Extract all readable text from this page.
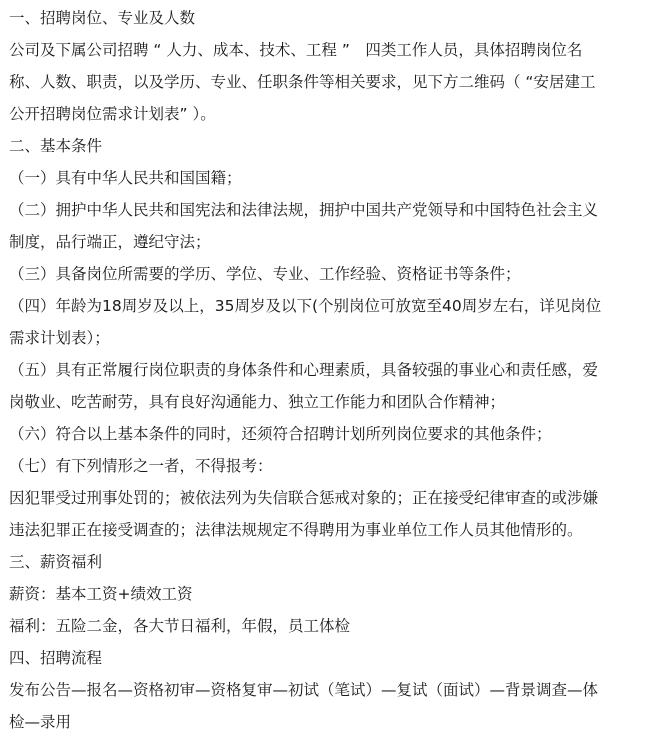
一、招聘岗位、专业及人数
公司及下属公司招聘 “ 人力、成本、技术、工程 ”　四类工作人员，具体招聘岗位名
称、人数、职责，以及学历、专业、任职条件等相关要求，见下方二维码（ “安居建工
公开招聘岗位需求计划表” ）。
二、基本条件
（一）具有中华人民共和国国籍；
（二）拥护中华人民共和国宪法和法律法规，拥护中国共产党领导和中国特色社会主义
制度，品行端正，遵纪守法；
（三）具备岗位所需要的学历、学位、专业、工作经验、资格证书等条件；
（四）年龄为18周岁及以上，35周岁及以下(个别岗位可放宽至40周岁左右，详见岗位
需求计划表）；
（五）具有正常履行岗位职责的身体条件和心理素质，具备较强的事业心和责任感，爱
岗敬业、吃苦耐劳，具有良好沟通能力、独立工作能力和团队合作精神；
（六）符合以上基本条件的同时，还须符合招聘计划所列岗位要求的其他条件；
（七）有下列情形之一者，不得报考：
因犯罪受过刑事处罚的；被依法列为失信联合惩戒对象的；正在接受纪律审查的或涉嫌
违法犯罪正在接受调查的；法律法规规定不得聘用为事业单位工作人员其他情形的。
三、薪资福利
薪资：基本工资+绩效工资
福利：五险二金，各大节日福利，年假，员工体检
四、招聘流程
发布公告—报名—资格初审—资格复审—初试（笔试）—复试（面试）—背景调查—体
检—录用
